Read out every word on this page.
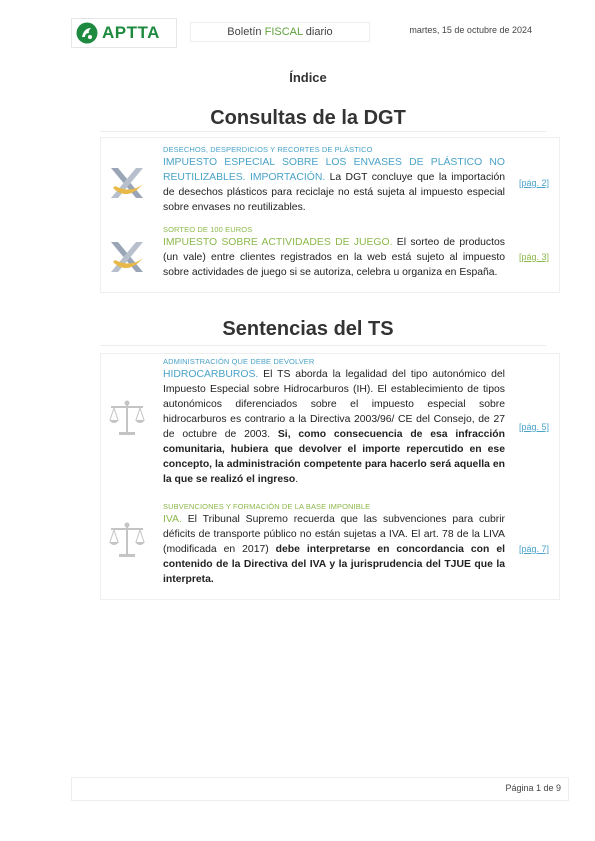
APTTA	Boletín FISCAL diario	martes, 15 de octubre de 2024
Índice
Consultas de la DGT
DESECHOS, DESPERDICIOS Y RECORTES DE PLÁSTICO
IMPUESTO ESPECIAL SOBRE LOS ENVASES DE PLÁSTICO NO REUTILIZABLES. IMPORTACIÓN. La DGT concluye que la importación de desechos plásticos para reciclaje no está sujeta al impuesto especial sobre envases no reutilizables.
[pág. 2]
SORTEO DE 100 EUROS
IMPUESTO SOBRE ACTIVIDADES DE JUEGO. El sorteo de productos (un vale) entre clientes registrados en la web está sujeto al impuesto sobre actividades de juego si se autoriza, celebra u organiza en España.
[pág. 3]
Sentencias del TS
ADMINISTRACIÓN QUE DEBE DEVOLVER
HIDROCARBUROS. El TS aborda la legalidad del tipo autonómico del Impuesto Especial sobre Hidrocarburos (IH). El establecimiento de tipos autonómicos diferenciados sobre el impuesto especial sobre hidrocarburos es contrario a la Directiva 2003/96/ CE del Consejo, de 27 de octubre de 2003. Si, como consecuencia de esa infracción comunitaria, hubiera que devolver el importe repercutido en ese concepto, la administración competente para hacerlo será aquella en la que se realizó el ingreso.
[pág. 5]
SUBVENCIONES Y FORMACIÓN DE LA BASE IMPONIBLE
IVA. El Tribunal Supremo recuerda que las subvenciones para cubrir déficits de transporte público no están sujetas a IVA. El art. 78 de la LIVA (modificada en 2017) debe interpretarse en concordancia con el contenido de la Directiva del IVA y la jurisprudencia del TJUE que la interpreta.
[pág. 7]
Página 1 de 9
